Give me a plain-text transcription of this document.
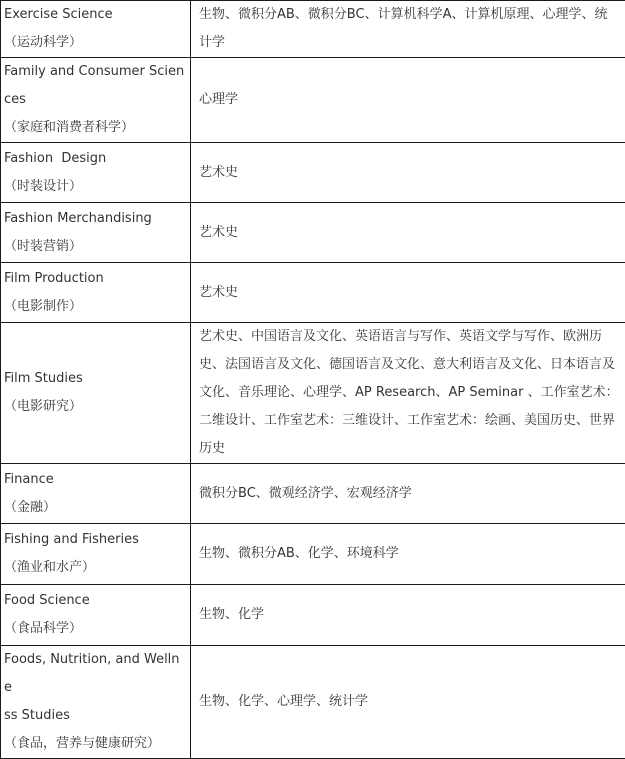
Exercise Science
（运动科学）	生物、微积分AB、微积分BC、计算机科学A、计算机原理、心理学、统计学

Family and Consumer Scien
ces
（家庭和消费者科学）	心理学

Fashion  Design
（时装设计）	艺术史

Fashion Merchandising
（时装营销）	艺术史

Film Production
（电影制作）	艺术史

Film Studies
（电影研究）	艺术史、中国语言及文化、英语语言与写作、英语文学与写作、欧洲历史、法国语言及文化、德国语言及文化、意大利语言及文化、日本语言及文化、音乐理论、心理学、AP Research、AP Seminar 、工作室艺术：二维设计、工作室艺术：三维设计、工作室艺术：绘画、美国历史、世界历史

Finance
（金融）	微积分BC、微观经济学、宏观经济学

Fishing and Fisheries
（渔业和水产）	生物、微积分AB、化学、环境科学

Food Science
（食品科学）	生物、化学

Foods, Nutrition, and Wellne
ss Studies
（食品，营养与健康研究）	生物、化学、心理学、统计学
